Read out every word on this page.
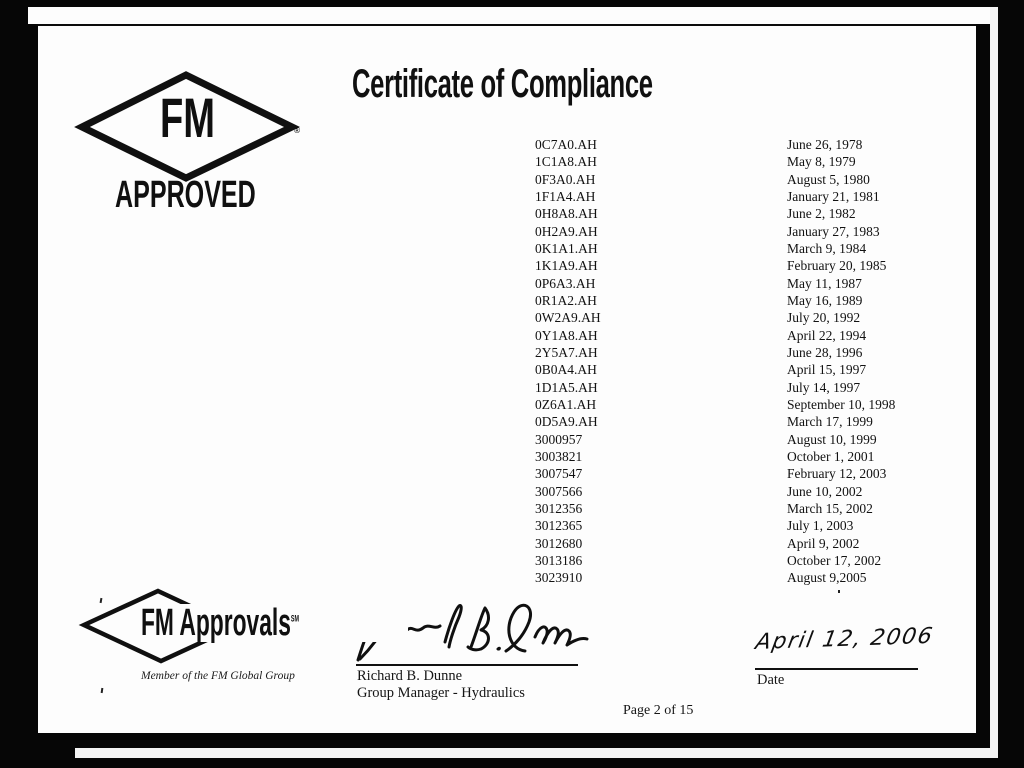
FM	®
APPROVED
Certificate of Compliance
0C7A0.AH	June 26, 1978
1C1A8.AH	May 8, 1979
0F3A0.AH	August 5, 1980
1F1A4.AH	January 21, 1981
0H8A8.AH	June 2, 1982
0H2A9.AH	January 27, 1983
0K1A1.AH	March 9, 1984
1K1A9.AH	February 20, 1985
0P6A3.AH	May 11, 1987
0R1A2.AH	May 16, 1989
0W2A9.AH	July 20, 1992
0Y1A8.AH	April 22, 1994
2Y5A7.AH	June 28, 1996
0B0A4.AH	April 15, 1997
1D1A5.AH	July 14, 1997
0Z6A1.AH	September 10, 1998
0D5A9.AH	March 17, 1999
3000957	August 10, 1999
3003821	October 1, 2001
3007547	February 12, 2003
3007566	June 10, 2002
3012356	March 15, 2002
3012365	July 1, 2003
3012680	April 9, 2002
3013186	October 17, 2002
3023910	August 9,2005
Richard B. Dunne
Group Manager - Hydraulics
April 12, 2006
Date
Page 2 of 15
FM Approvals℠
Member of the FM Global Group
